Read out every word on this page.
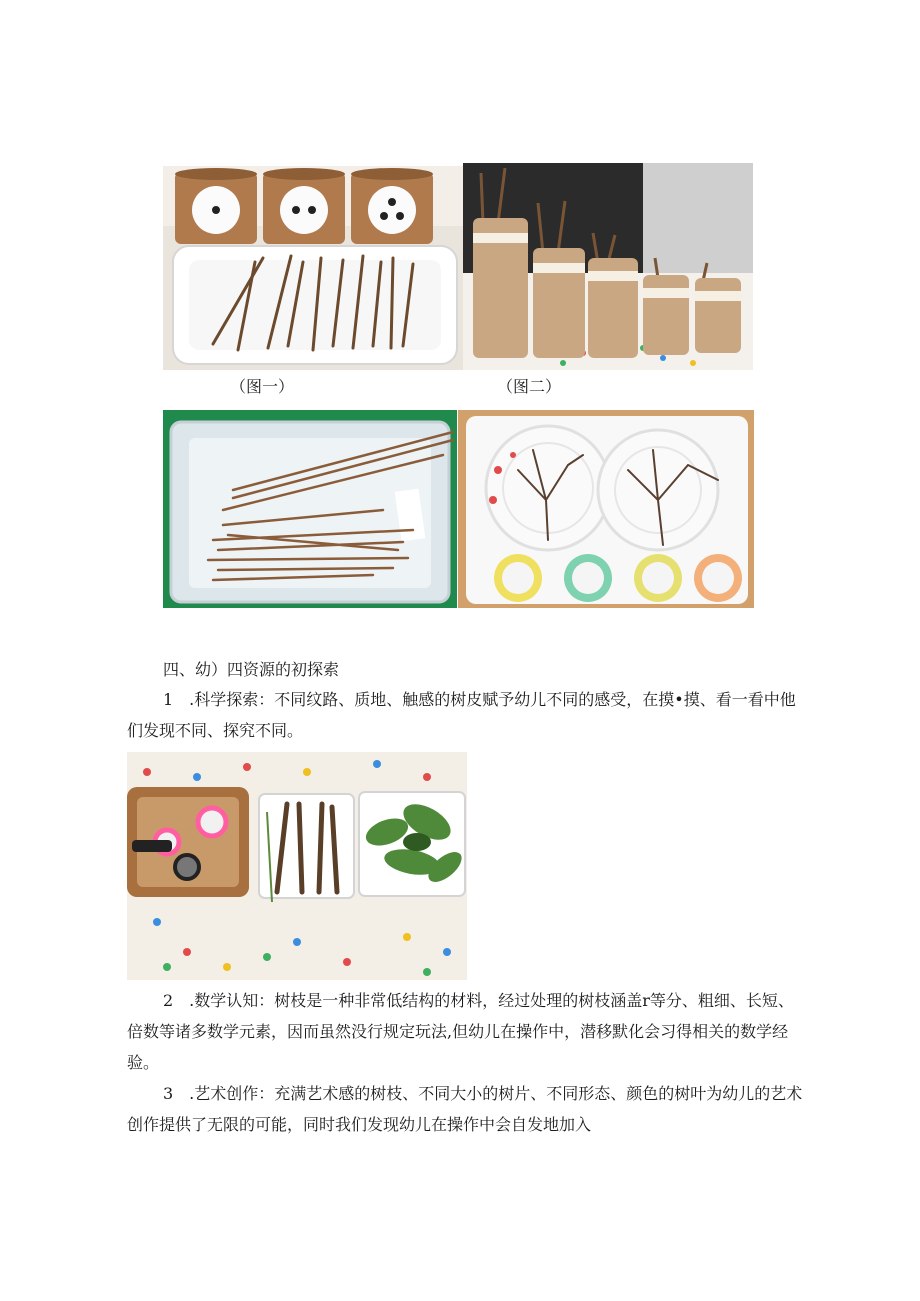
（图一）	（图二）
四、幼）四资源的初探索

1　.科学探索：不同纹路、质地、触感的树皮赋予幼儿不同的感受，在摸•摸、看一看中他们发现不同、探究不同。

2　.数学认知：树枝是一种非常低结构的材料，经过处理的树枝涵盖r等分、粗细、长短、倍数等诸多数学元素，因而虽然没行规定玩法,但幼儿在操作中，潜移默化会习得相关的数学经验。

3　.艺术创作：充满艺术感的树枝、不同大小的树片、不同形态、颜色的树叶为幼儿的艺术创作提供了无限的可能，同时我们发现幼儿在操作中会自发地加入
